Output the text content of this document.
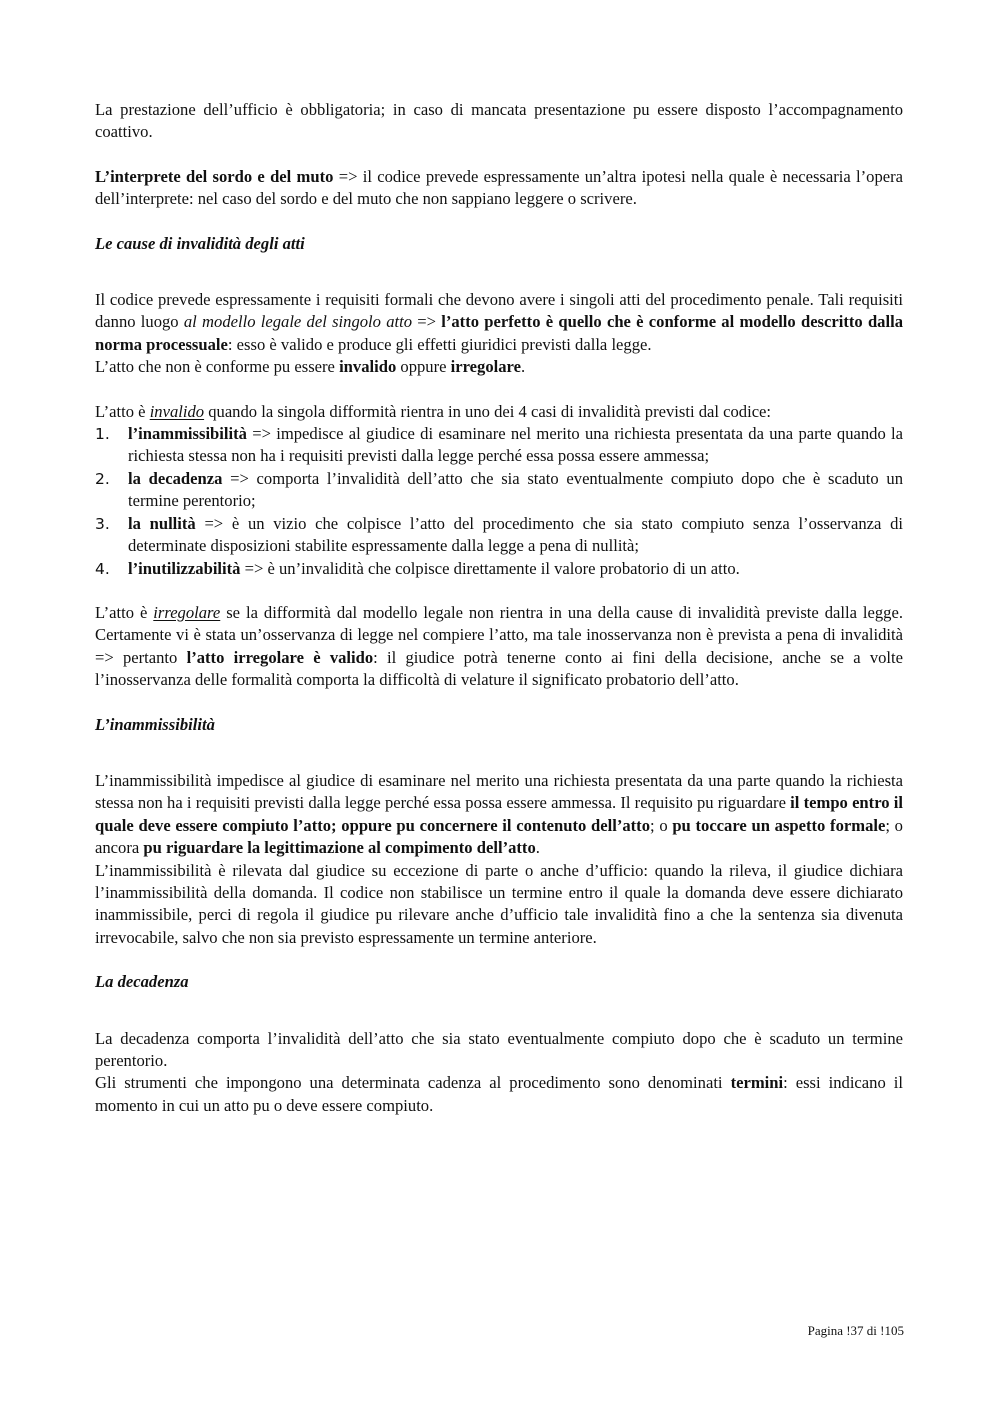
La prestazione dell’ufficio è obbligatoria; in caso di mancata presentazione pu essere disposto l’accompagnamento coattivo.

L’interprete del sordo e del muto => il codice prevede espressamente un’altra ipotesi nella quale è necessaria l’opera dell’interprete: nel caso del sordo e del muto che non sappiano leggere o scrivere.

Le cause di invalidità degli atti

Il codice prevede espressamente i requisiti formali che devono avere i singoli atti del procedimento penale. Tali requisiti danno luogo al modello legale del singolo atto => l’atto perfetto è quello che è conforme al modello descritto dalla norma processuale: esso è valido e produce gli effetti giuridici previsti dalla legge.

L’atto che non è conforme pu essere invalido oppure irregolare.

L’atto è invalido quando la singola difformità rientra in uno dei 4 casi di invalidità previsti dal codice:

1. l’inammissibilità => impedisce al giudice di esaminare nel merito una richiesta presentata da una parte quando la richiesta stessa non ha i requisiti previsti dalla legge perché essa possa essere ammessa;
2. la decadenza => comporta l’invalidità dell’atto che sia stato eventualmente compiuto dopo che è scaduto un termine perentorio;
3. la nullità => è un vizio che colpisce l’atto del procedimento che sia stato compiuto senza l’osservanza di determinate disposizioni stabilite espressamente dalla legge a pena di nullità;
4. l’inutilizzabilità => è un’invalidità che colpisce direttamente il valore probatorio di un atto.

L’atto è irregolare se la difformità dal modello legale non rientra in una della cause di invalidità previste dalla legge. Certamente vi è stata un’osservanza di legge nel compiere l’atto, ma tale inosservanza non è prevista a pena di invalidità => pertanto l’atto irregolare è valido: il giudice potrà tenerne conto ai fini della decisione, anche se a volte l’inosservanza delle formalità comporta la difficoltà di velature il significato probatorio dell’atto.

L’inammissibilità

L’inammissibilità impedisce al giudice di esaminare nel merito una richiesta presentata da una parte quando la richiesta stessa non ha i requisiti previsti dalla legge perché essa possa essere ammessa. Il requisito pu riguardare il tempo entro il quale deve essere compiuto l’atto; oppure pu concernere il contenuto dell’atto; o pu toccare un aspetto formale; o ancora pu riguardare la legittimazione al compimento dell’atto.

L’inammissibilità è rilevata dal giudice su eccezione di parte o anche d’ufficio: quando la rileva, il giudice dichiara l’inammissibilità della domanda. Il codice non stabilisce un termine entro il quale la domanda deve essere dichiarato inammissibile, perci di regola il giudice pu rilevare anche d’ufficio tale invalidità fino a che la sentenza sia divenuta irrevocabile, salvo che non sia previsto espressamente un termine anteriore.

La decadenza

La decadenza comporta l’invalidità dell’atto che sia stato eventualmente compiuto dopo che è scaduto un termine perentorio.

Gli strumenti che impongono una determinata cadenza al procedimento sono denominati termini: essi indicano il momento in cui un atto pu o deve essere compiuto.

Pagina !37 di !105
